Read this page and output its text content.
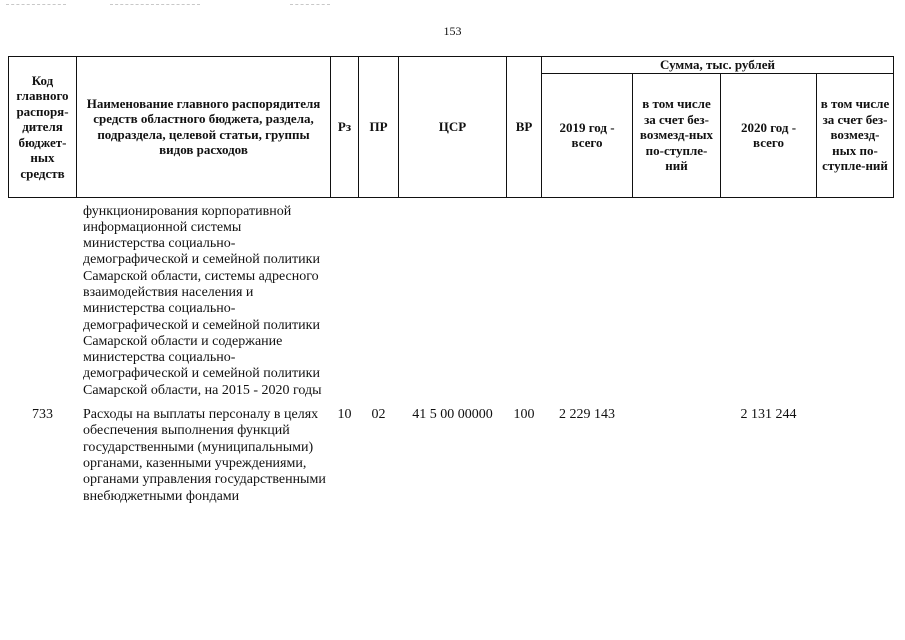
153
Код главного распоря-дителя бюджет-ных средств	Наименование главного распорядителя средств областного бюджета, раздела, подраздела, целевой статьи, группы видов расходов	Рз	ПР	ЦСР	ВР	Сумма, тыс. рублей			
						2019 год - всего	в том числе за счет без-возмезд-ных по-ступле-ний	2020 год - всего	в том числе за счет без-возмезд-ных по-ступле-ний
	функционирования корпоративной информационной системы министерства социально-демографической и семейной политики Самарской области, системы адресного взаимодействия населения и министерства социально-демографической и семейной политики Самарской области и содержание министерства социально-демографической и семейной политики Самарской области, на 2015 - 2020 годы								
733	Расходы на выплаты персоналу в целях обеспечения выполнения функций государственными (муниципальными) органами, казенными учреждениями, органами управления государственными внебюджетными фондами	10	02	41 5 00 00000	100	2 229 143		2 131 244	
